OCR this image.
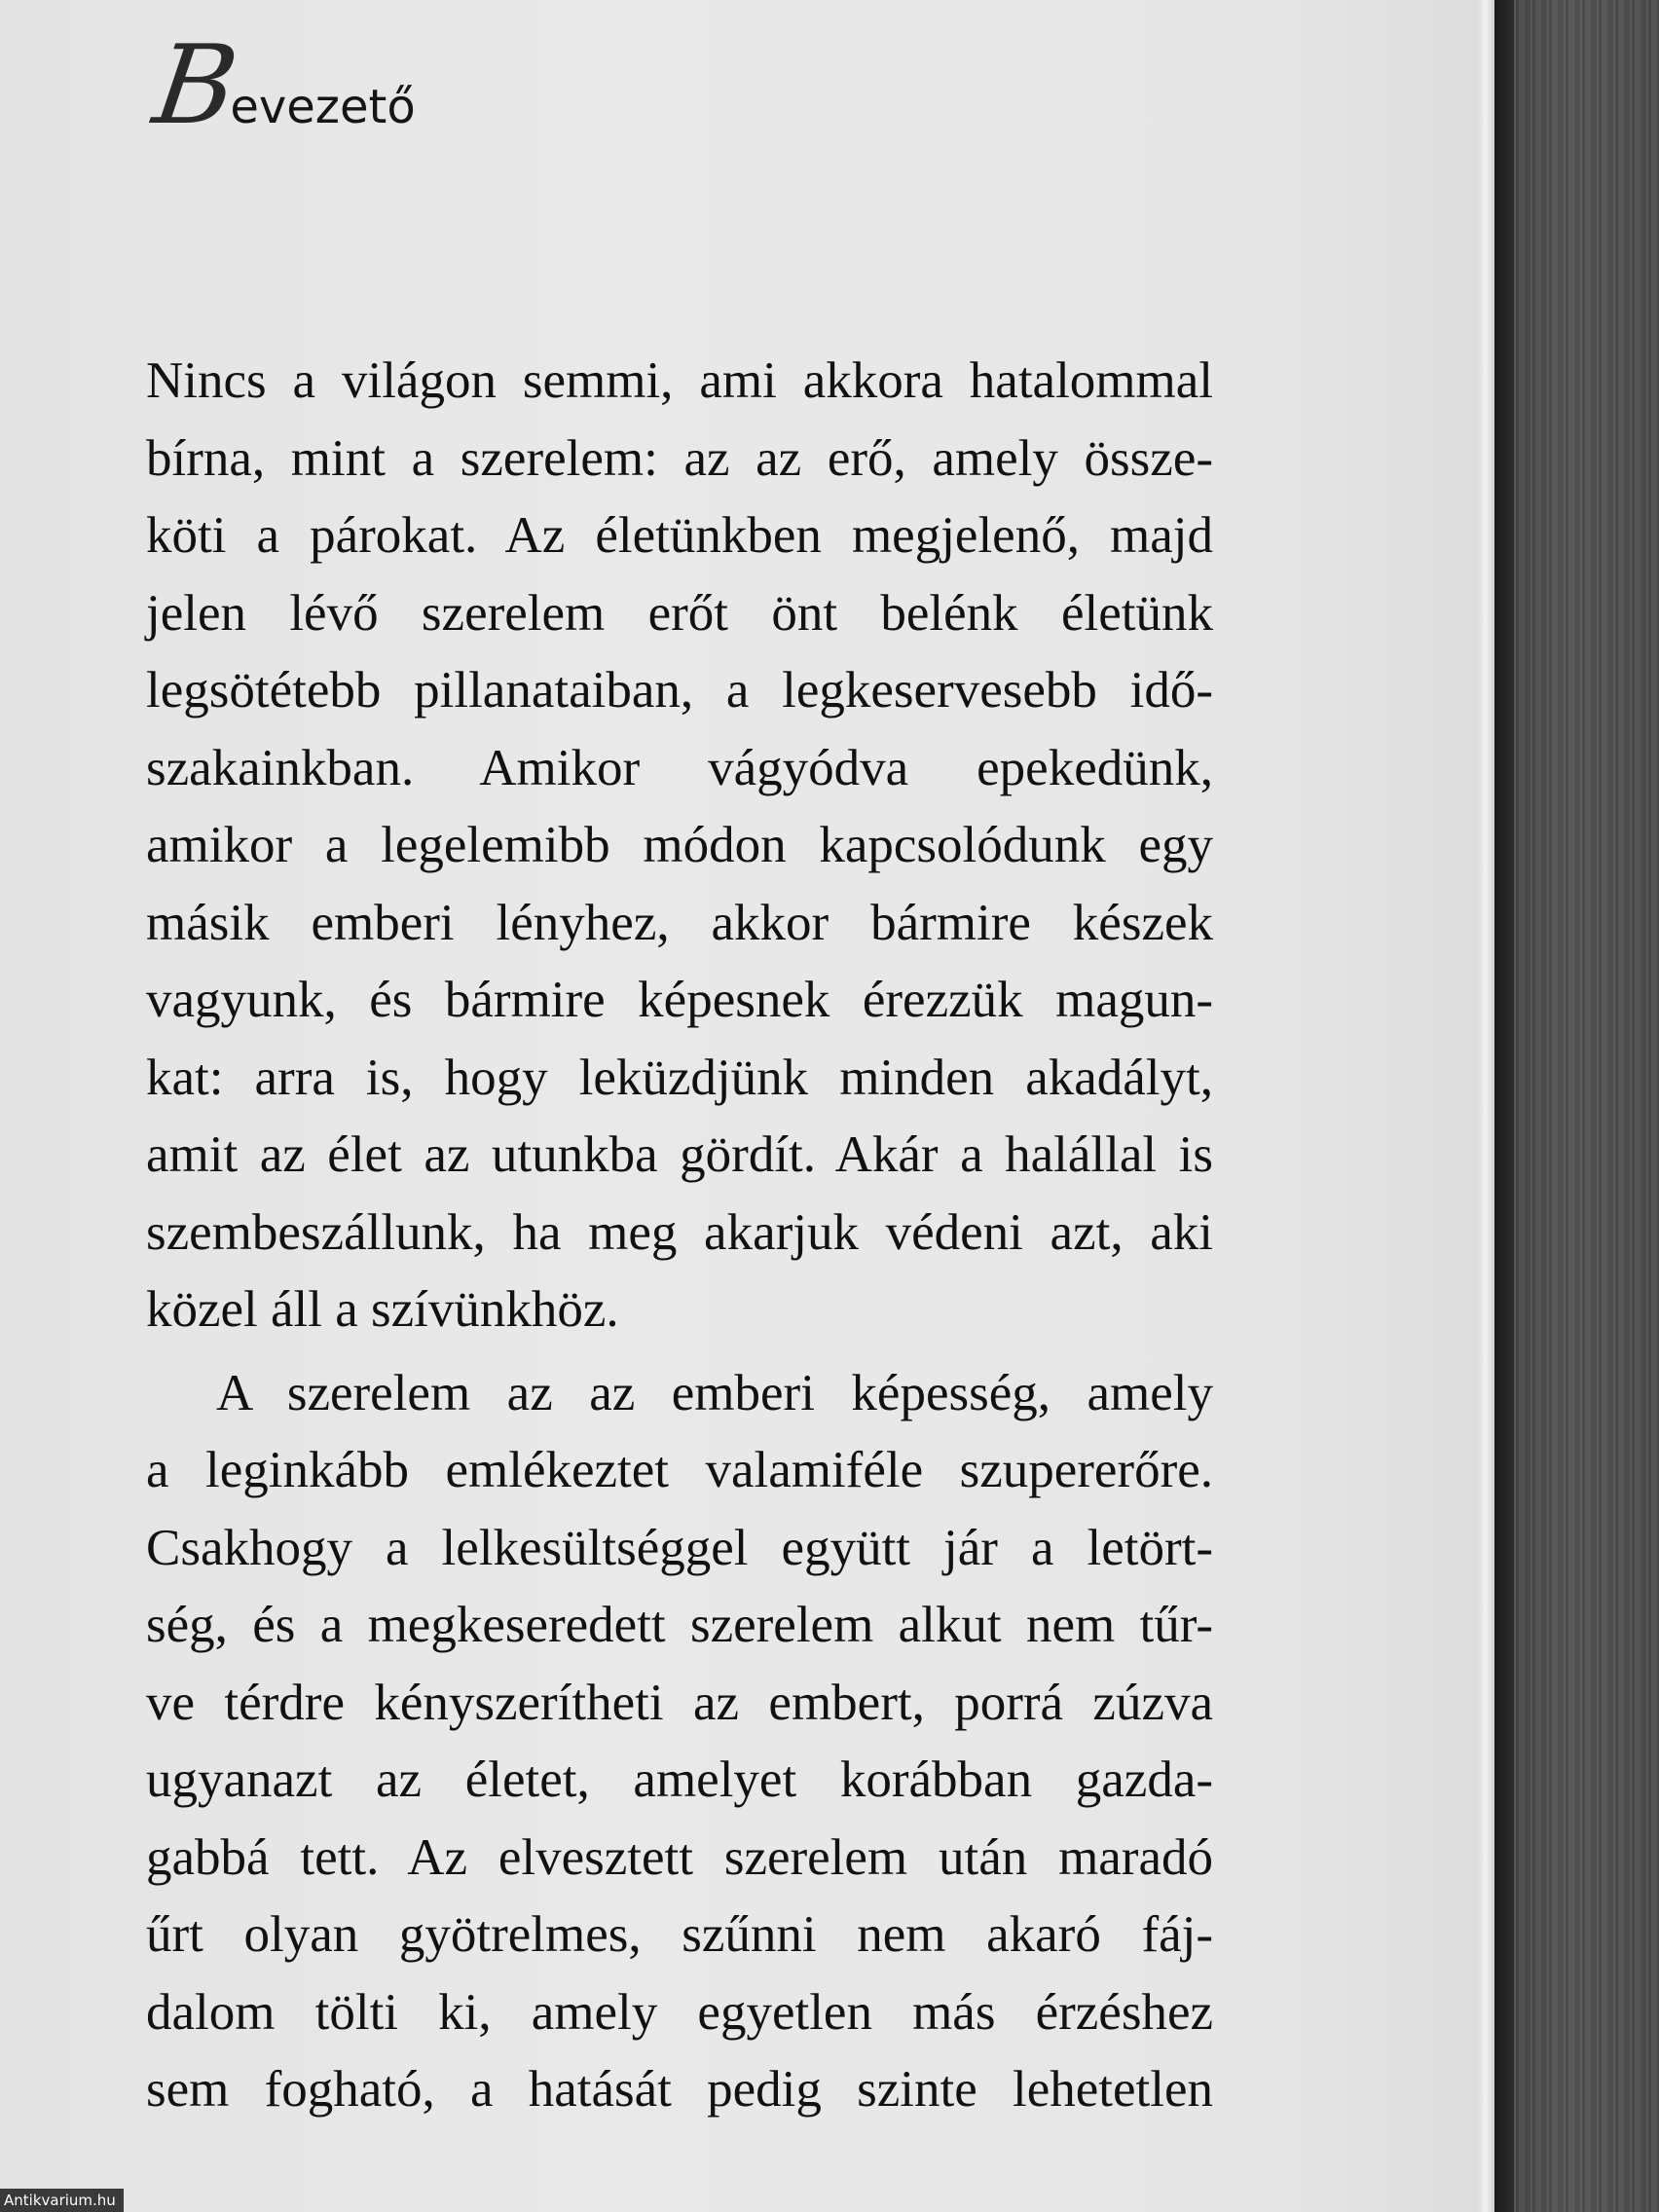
Bevezető
Nincs a világon semmi, ami akkora hatalommal
bírna, mint a szerelem: az az erő, amely össze-
köti a párokat. Az életünkben megjelenő, majd
jelen lévő szerelem erőt önt belénk életünk
legsötétebb pillanataiban, a legkeservesebb idő-
szakainkban. Amikor vágyódva epekedünk,
amikor a legelemibb módon kapcsolódunk egy
másik emberi lényhez, akkor bármire készek
vagyunk, és bármire képesnek érezzük magun-
kat: arra is, hogy leküzdjünk minden akadályt,
amit az élet az utunkba gördít. Akár a halállal is
szembeszállunk, ha meg akarjuk védeni azt, aki
közel áll a szívünkhöz.
A szerelem az az emberi képesség, amely
a leginkább emlékeztet valamiféle szupererőre.
Csakhogy a lelkesültséggel együtt jár a letört-
ség, és a megkeseredett szerelem alkut nem tűr-
ve térdre kényszerítheti az embert, porrá zúzva
ugyanazt az életet, amelyet korábban gazda-
gabbá tett. Az elvesztett szerelem után maradó
űrt olyan gyötrelmes, szűnni nem akaró fáj-
dalom tölti ki, amely egyetlen más érzéshez
sem fogható, a hatását pedig szinte lehetetlen
Antikvarium.hu
